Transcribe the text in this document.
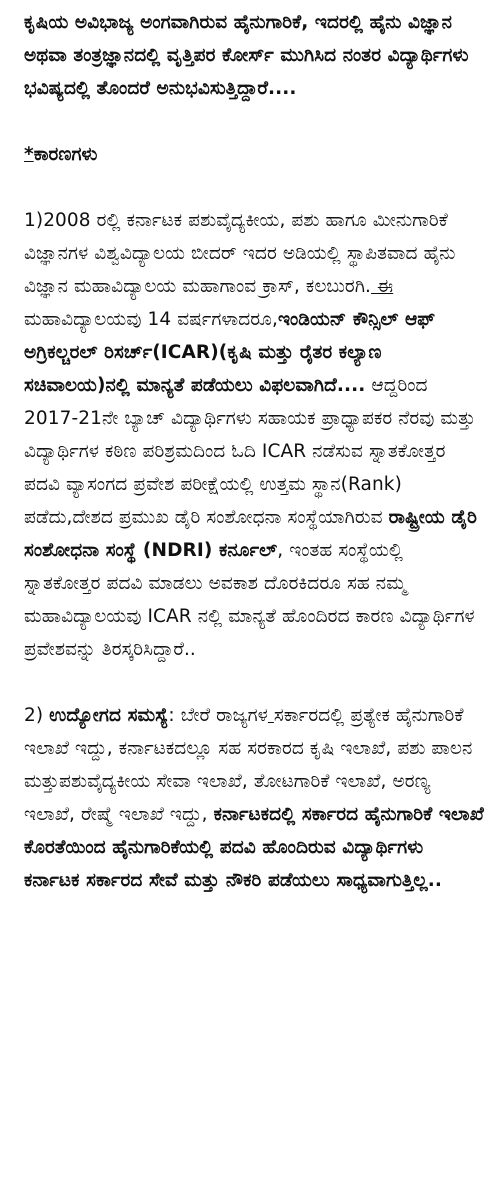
ಕೃಷಿಯ ಅವಿಭಾಜ್ಯ ಅಂಗವಾಗಿರುವ ಹೈನುಗಾರಿಕೆ, ಇದರಲ್ಲಿ ಹೈನು ವಿಜ್ಞಾನ ಅಥವಾ ತಂತ್ರಜ್ಞಾನದಲ್ಲಿ ವೃತ್ತಿಪರ ಕೋರ್ಸ್ ಮುಗಿಸಿದ ನಂತರ ವಿದ್ಯಾರ್ಥಿಗಳು ಭವಿಷ್ಯದಲ್ಲಿ ತೊಂದರೆ ಅನುಭವಿಸುತ್ತಿದ್ದಾರೆ....

*ಕಾರಣಗಳು

1)2008 ರಲ್ಲಿ ಕರ್ನಾಟಕ ಪಶುವೈದ್ಯಕೀಯ, ಪಶು ಹಾಗೂ ಮೀನುಗಾರಿಕೆ ವಿಜ್ಞಾನಗಳ ವಿಶ್ವವಿದ್ಯಾಲಯ ಬೀದರ್ ಇದರ ಅಡಿಯಲ್ಲಿ ಸ್ಥಾಪಿತವಾದ ಹೈನು ವಿಜ್ಞಾನ ಮಹಾವಿದ್ಯಾಲಯ ಮಹಾಗಾಂವ ಕ್ರಾಸ್, ಕಲಬುರಗಿ. ಈ ಮಹಾವಿದ್ಯಾಲಯವು 14 ವರ್ಷಗಳಾದರೂ,ಇಂಡಿಯನ್ ಕೌನ್ಸಿಲ್ ಆಫ್ ಅಗ್ರಿಕಲ್ಚರಲ್ ರಿಸರ್ಚ್(ICAR)(ಕೃಷಿ ಮತ್ತು ರೈತರ ಕಲ್ಯಾಣ ಸಚಿವಾಲಯ)ನಲ್ಲಿ ಮಾನ್ಯತೆ ಪಡೆಯಲು ವಿಫಲವಾಗಿದೆ.... ಆದ್ದರಿಂದ 2017-21ನೇ ಬ್ಯಾಚ್ ವಿದ್ಯಾರ್ಥಿಗಳು ಸಹಾಯಕ ಪ್ರಾಧ್ಯಾಪಕರ ನೆರವು ಮತ್ತು ವಿದ್ಯಾರ್ಥಿಗಳ ಕಠಿಣ ಪರಿಶ್ರಮದಿಂದ ಓದಿ ICAR ನಡೆಸುವ ಸ್ನಾತಕೋತ್ತರ ಪದವಿ ವ್ಯಾಸಂಗದ ಪ್ರವೇಶ ಪರೀಕ್ಷೆಯಲ್ಲಿ ಉತ್ತಮ ಸ್ಥಾನ(Rank) ಪಡೆದು,ದೇಶದ ಪ್ರಮುಖ ಡೈರಿ ಸಂಶೋಧನಾ ಸಂಸ್ಥೆಯಾಗಿರುವ ರಾಷ್ಟ್ರೀಯ ಡೈರಿ ಸಂಶೋಧನಾ ಸಂಸ್ಥೆ (NDRI) ಕರ್ನೂಲ್, ಇಂತಹ ಸಂಸ್ಥೆಯಲ್ಲಿ ಸ್ನಾತಕೋತ್ತರ ಪದವಿ ಮಾಡಲು ಅವಕಾಶ ದೊರಕಿದರೂ ಸಹ ನಮ್ಮ ಮಹಾವಿದ್ಯಾಲಯವು ICAR ನಲ್ಲಿ ಮಾನ್ಯತೆ ಹೊಂದಿರದ ಕಾರಣ ವಿದ್ಯಾರ್ಥಿಗಳ ಪ್ರವೇಶವನ್ ತಿರಸ್ಕರಿಸಿದ್ದಾರೆ..

2) ಉದ್ಯೋಗದ ಸಮಸ್ಯೆ: ಬೇರೆ ರಾಜ್ಯಗಳ ಸರ್ಕಾರದಲ್ಲಿ ಪ್ರತ್ಯೇಕ ಹೈನುಗಾರಿಕೆ ಇಲಾಖೆ ಇದ್ದು, ಕರ್ನಾಟಕದಲ್ಲೂ ಸಹ ಸರಕಾರದ ಕೃಷಿ ಇಲಾಖೆ, ಪಶು ಪಾಲನ ಮತ್ತುಪಶುವೈದ್ಯಕೀಯ ಸೇವಾ ಇಲಾಖೆ, ತೋಟಗಾರಿಕೆ ಇಲಾಖೆ, ಅರಣ್ಯ ಇಲಾಖೆ, ರೇಷ್ಮೆ ಇಲಾಖೆ ಇದ್ದು, ಕರ್ನಾಟಕದಲ್ಲಿ ಸರ್ಕಾರದ ಹೈನುಗಾರಿಕೆ ಇಲಾಖೆ ಕೊರತೆಯಿಂದ ಹೈನುಗಾರಿಕೆಯಲ್ಲಿ ಪದವಿ ಹೊಂದಿರುವ ವಿದ್ಯಾರ್ಥಿಗಳು ಕರ್ನಾಟಕ ಸರ್ಕಾರದ ಸೇವೆ ಮತ್ತು ನೌಕರಿ ಪಡೆಯಲು ಸಾಧ್ಯವಾಗುತ್ತಿಲ್ಲ..
